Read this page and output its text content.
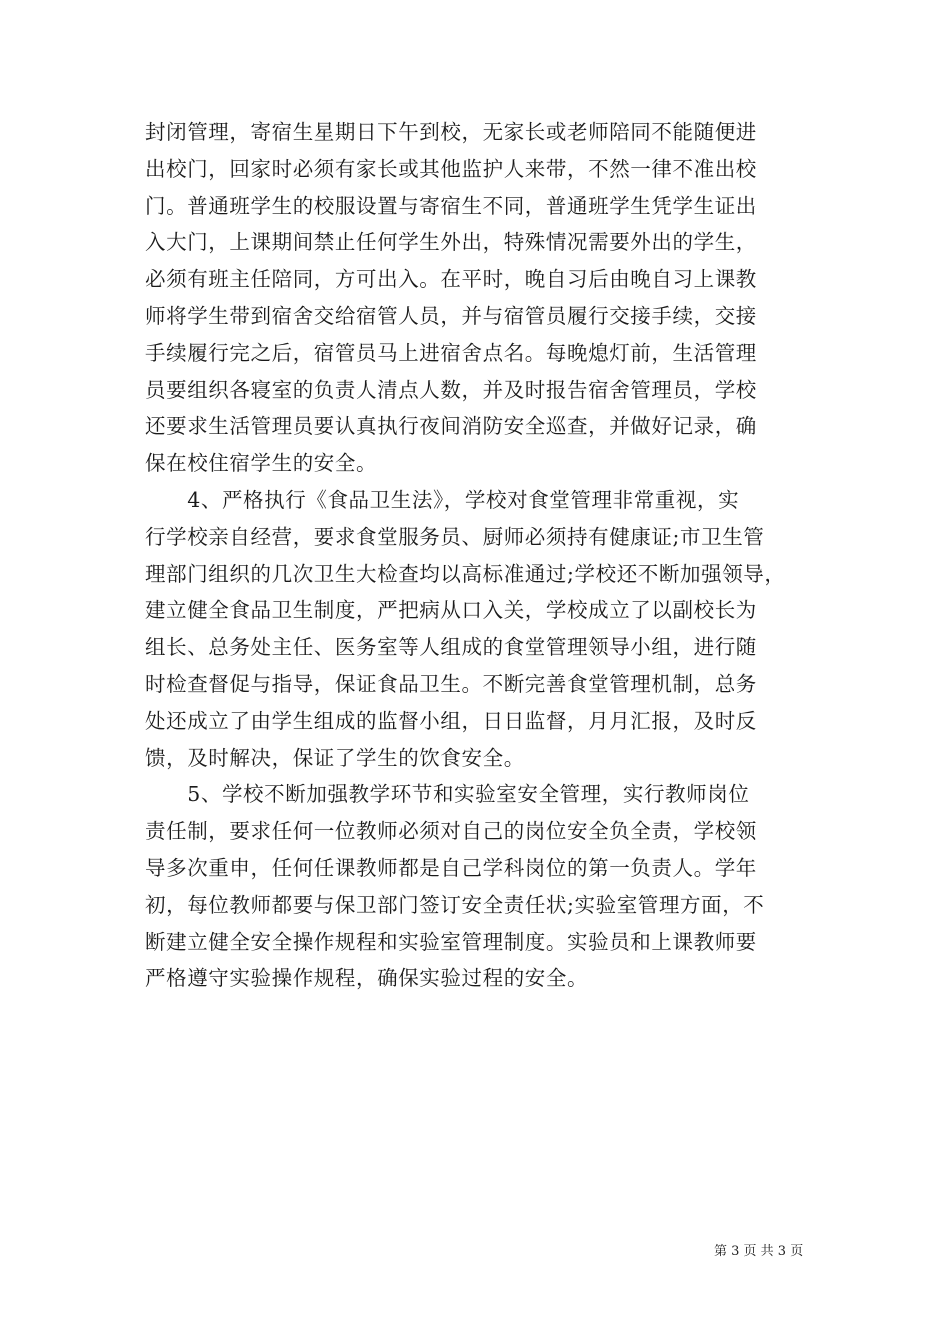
封闭管理，寄宿生星期日下午到校，无家长或老师陪同不能随便进
出校门，回家时必须有家长或其他监护人来带，不然一律不准出校
门。普通班学生的校服设置与寄宿生不同，普通班学生凭学生证出
入大门，上课期间禁止任何学生外出，特殊情况需要外出的学生，
必须有班主任陪同，方可出入。在平时，晚自习后由晚自习上课教
师将学生带到宿舍交给宿管人员，并与宿管员履行交接手续，交接
手续履行完之后，宿管员马上进宿舍点名。每晚熄灯前，生活管理
员要组织各寝室的负责人清点人数，并及时报告宿舍管理员，学校
还要求生活管理员要认真执行夜间消防安全巡查，并做好记录，确
保在校住宿学生的安全。
　　4、严格执行《食品卫生法》，学校对食堂管理非常重视，实
行学校亲自经营，要求食堂服务员、厨师必须持有健康证;市卫生管
理部门组织的几次卫生大检查均以高标准通过;学校还不断加强领导，
建立健全食品卫生制度，严把病从口入关，学校成立了以副校长为
组长、总务处主任、医务室等人组成的食堂管理领导小组，进行随
时检查督促与指导，保证食品卫生。不断完善食堂管理机制，总务
处还成立了由学生组成的监督小组，日日监督，月月汇报，及时反
馈，及时解决，保证了学生的饮食安全。
　　5、学校不断加强教学环节和实验室安全管理，实行教师岗位
责任制，要求任何一位教师必须对自己的岗位安全负全责，学校领
导多次重申，任何任课教师都是自己学科岗位的第一负责人。学年
初，每位教师都要与保卫部门签订安全责任状;实验室管理方面，不
断建立健全安全操作规程和实验室管理制度。实验员和上课教师要
严格遵守实验操作规程，确保实验过程的安全。
第 3 页 共 3 页
